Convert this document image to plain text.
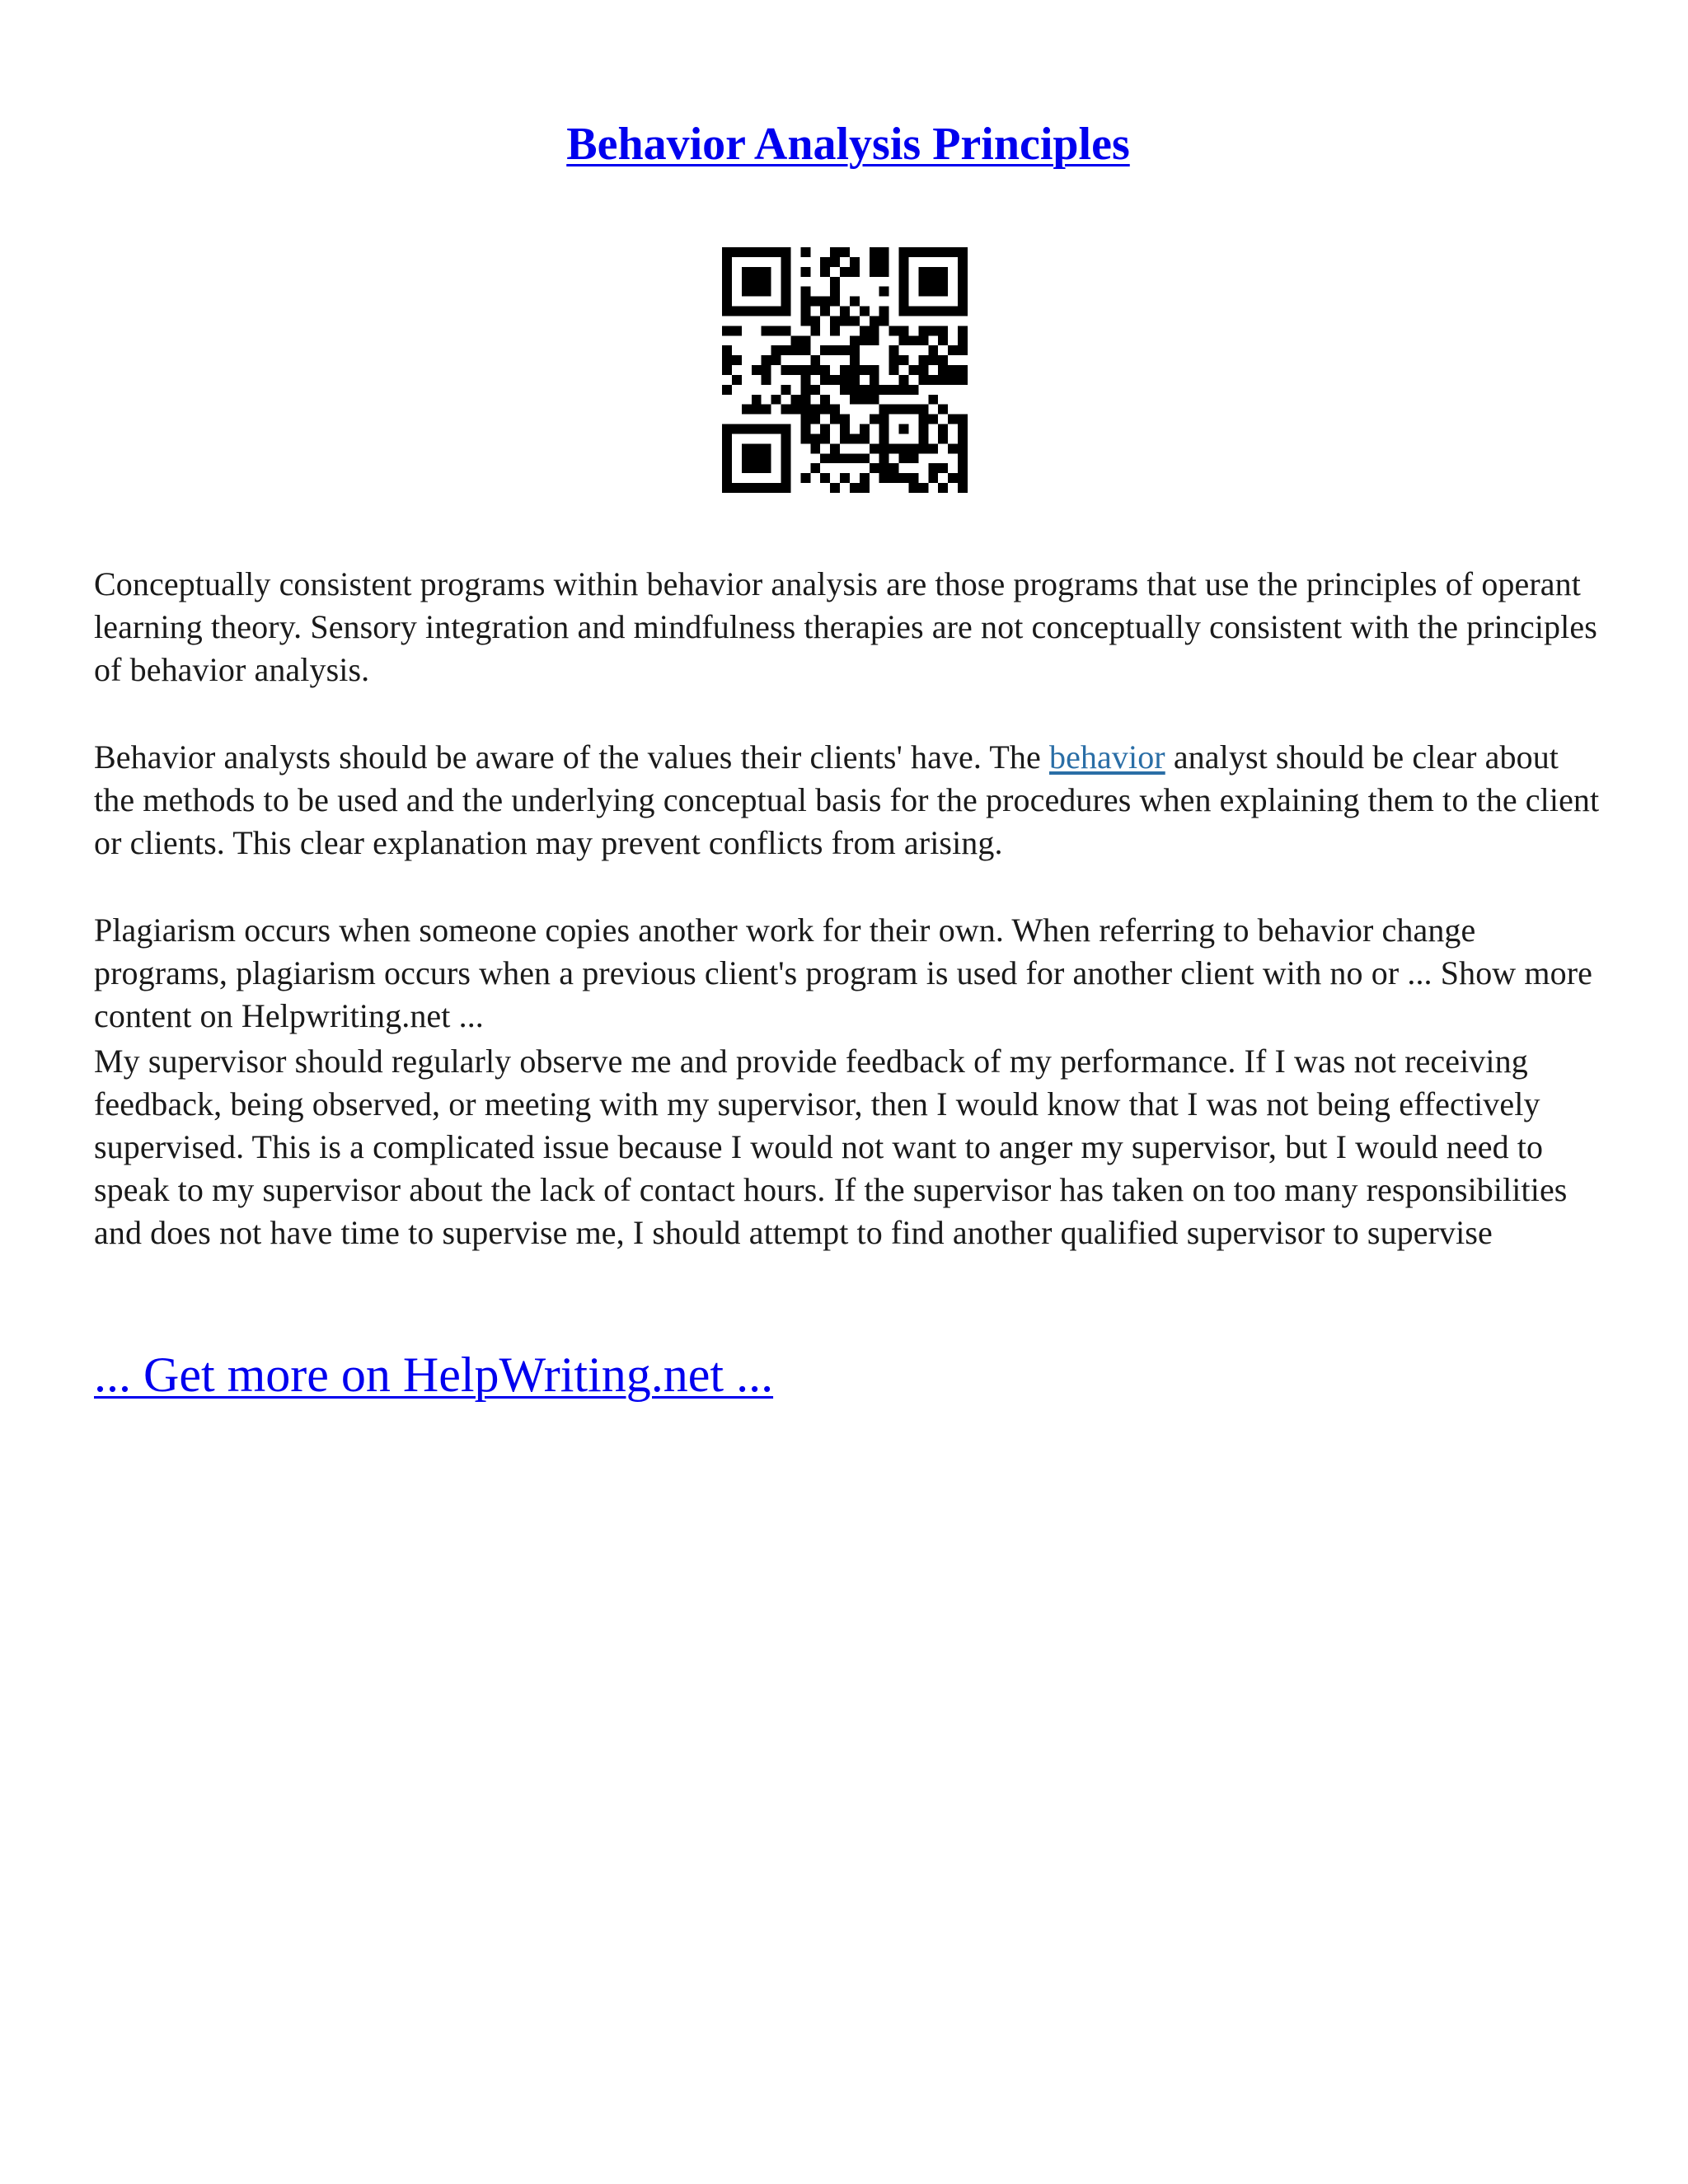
Behavior Analysis Principles

Conceptually consistent programs within behavior analysis are those programs that use the principles of operant learning theory. Sensory integration and mindfulness therapies are not conceptually consistent with the principles of behavior analysis.

Behavior analysts should be aware of the values their clients' have. The behavior analyst should be clear about the methods to be used and the underlying conceptual basis for the procedures when explaining them to the client or clients. This clear explanation may prevent conflicts from arising.

Plagiarism occurs when someone copies another work for their own. When referring to behavior change programs, plagiarism occurs when a previous client's program is used for another client with no or ... Show more content on Helpwriting.net ...

My supervisor should regularly observe me and provide feedback of my performance. If I was not receiving feedback, being observed, or meeting with my supervisor, then I would know that I was not being effectively supervised. This is a complicated issue because I would not want to anger my supervisor, but I would need to speak to my supervisor about the lack of contact hours. If the supervisor has taken on too many responsibilities and does not have time to supervise me, I should attempt to find another qualified supervisor to supervise

... Get more on HelpWriting.net ...
